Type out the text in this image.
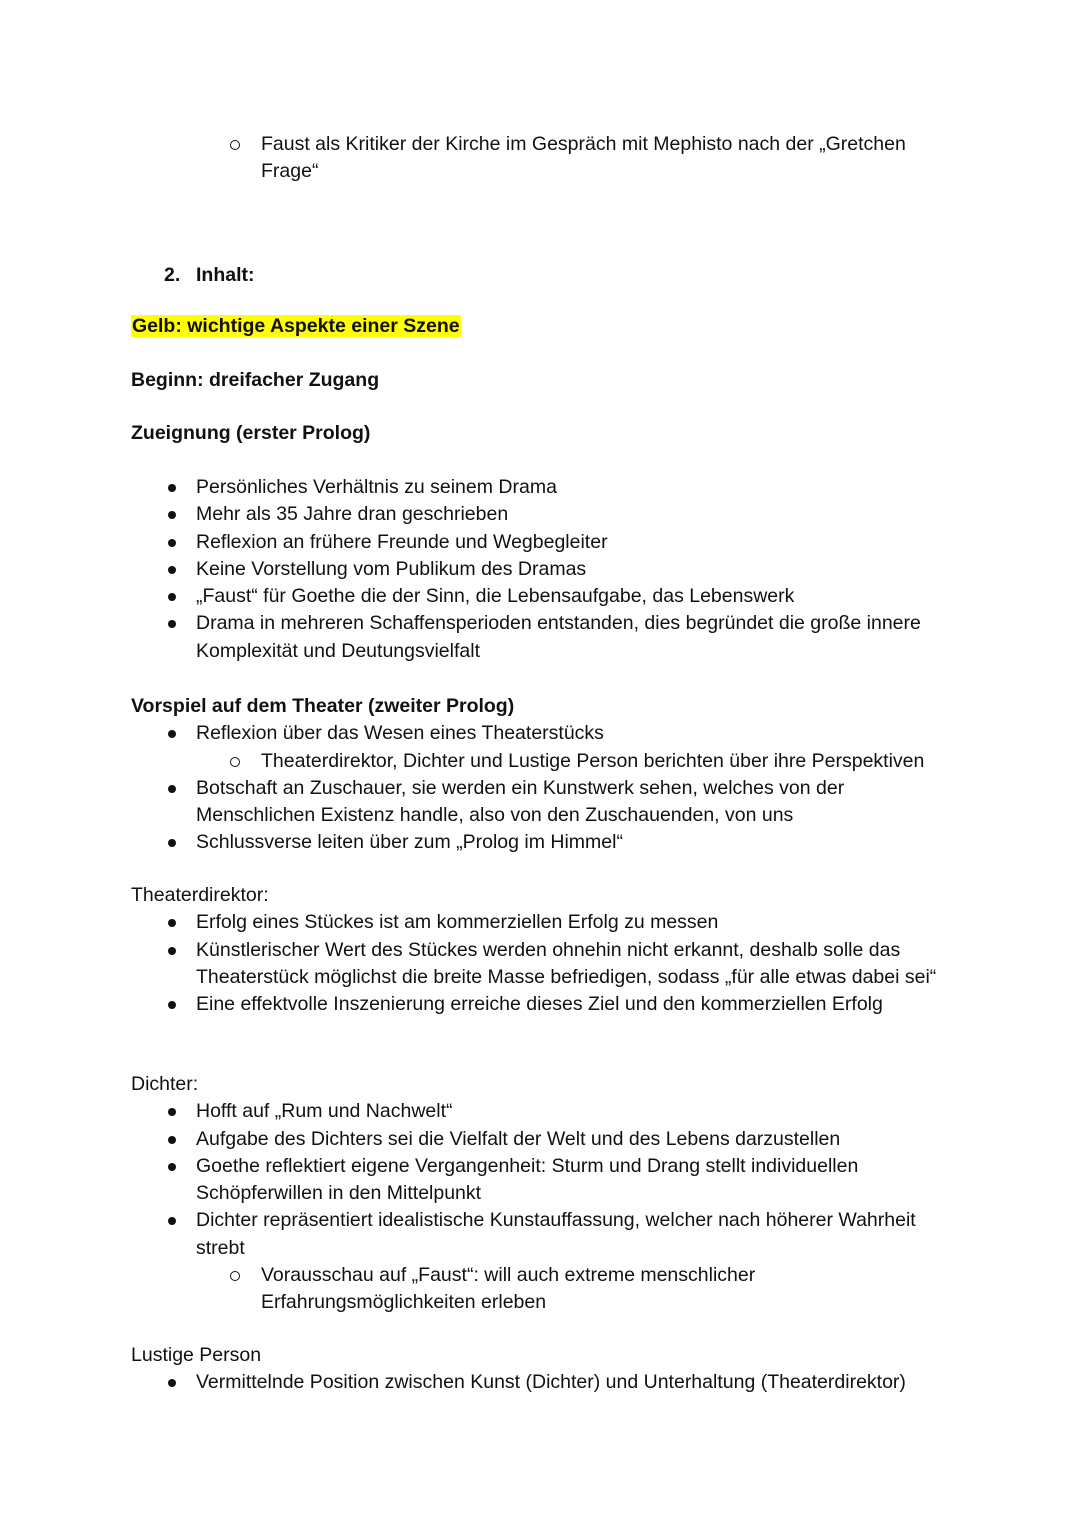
Faust als Kritiker der Kirche im Gespräch mit Mephisto nach der „Gretchen Frage“
2. Inhalt:
Gelb: wichtige Aspekte einer Szene
Beginn: dreifacher Zugang
Zueignung (erster Prolog)
Persönliches Verhältnis zu seinem Drama
Mehr als 35 Jahre dran geschrieben
Reflexion an frühere Freunde und Wegbegleiter
Keine Vorstellung vom Publikum des Dramas
„Faust“ für Goethe die der Sinn, die Lebensaufgabe, das Lebenswerk
Drama in mehreren Schaffensperioden entstanden, dies begründet die große innere Komplexität und Deutungsvielfalt
Vorspiel auf dem Theater (zweiter Prolog)
Reflexion über das Wesen eines Theaterstücks
Theaterdirektor, Dichter und Lustige Person berichten über ihre Perspektiven
Botschaft an Zuschauer, sie werden ein Kunstwerk sehen, welches von der Menschlichen Existenz handle, also von den Zuschauenden, von uns
Schlussverse leiten über zum „Prolog im Himmel“
Theaterdirektor:
Erfolg eines Stückes ist am kommerziellen Erfolg zu messen
Künstlerischer Wert des Stückes werden ohnehin nicht erkannt, deshalb solle das Theaterstück möglichst die breite Masse befriedigen, sodass „für alle etwas dabei sei“
Eine effektvolle Inszenierung erreiche dieses Ziel und den kommerziellen Erfolg
Dichter:
Hofft auf „Rum und Nachwelt“
Aufgabe des Dichters sei die Vielfalt der Welt und des Lebens darzustellen
Goethe reflektiert eigene Vergangenheit: Sturm und Drang stellt individuellen Schöpferwillen in den Mittelpunkt
Dichter repräsentiert idealistische Kunstauffassung, welcher nach höherer Wahrheit strebt
Vorausschau auf „Faust“: will auch extreme menschlicher Erfahrungsmöglichkeiten erleben
Lustige Person
Vermittelnde Position zwischen Kunst (Dichter) und Unterhaltung (Theaterdirektor)
